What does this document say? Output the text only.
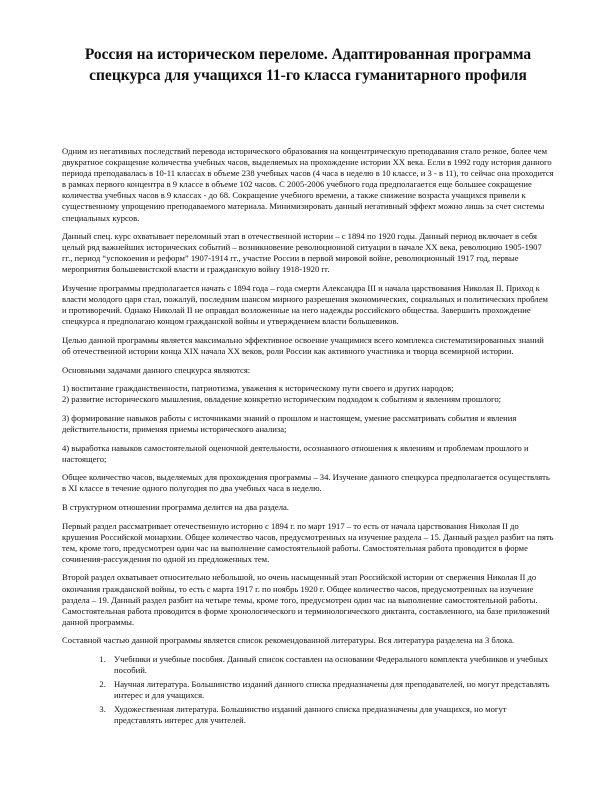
Россия на историческом переломе. Адаптированная программа спецкурса для учащихся 11-го класса гуманитарного профиля

Одним из негативных последствий перевода исторического образования на концентрическую преподавания стало резкое, более чем двукратное сокращение количества учебных часов, выделяемых на прохождение истории XX века. Если в 1992 году история данного периода преподавалась в 10-11 классах в объеме 238 учебных часов (4 часа в неделю в 10 классе, и 3 - в 11), то сейчас она проходится в рамках первого концентра в 9 классе в объеме 102 часов. С 2005-2006 учебного года предполагается еще большее сокращение количества учебных часов в 9 классах - до 68. Сокращение учебного времени, а также снижение возраста учащихся привели к существенному упрощению преподаваемого материала. Минимизировать данный негативный эффект можно лишь за счет системы специальных курсов.

Данный спец. курс охватывает переломный этап в отечественной истории – с 1894 по 1920 годы. Данный период включает в себя целый ряд важнейших исторических событий – возникновение революционной ситуации в начале XX века, революцию 1905-1907 гг., период “успокоения и реформ” 1907-1914 гг., участие России в первой мировой войне, революционный 1917 год, первые мероприятия большевистской власти и гражданскую войну 1918-1920 гг.

Изучение программы предполагается начать с 1894 года – года смерти Александра III и начала царствования Николая II. Приход к власти молодого царя стал, пожалуй, последним шансом мирного разрешения экономических, социальных и политических проблем и противоречий. Однако Николай II не оправдал возложенные на него надежды российского общества. Завершить прохождение спецкурса я предполагаю концом гражданской войны и утверждением власти большевиков.

Целью данной программы является максимально эффективное освоение учащимися всего комплекса систематизированных знаний об отечественной истории конца XIX начала XX веков, роли России как активного участника и творца всемирной истории.

Основными задачами данного спецкурса являются:

1) воспитание гражданственности, патриотизма, уважения к историческому пути своего и других народов;
2) развитие исторического мышления, овладение конкретно историческим подходом к событиям и явлениям прошлого;

3) формирование навыков работы с источниками знаний о прошлом и настоящем, умение рассматривать события и явления действительности, применяя приемы исторического анализа;

4) выработка навыков самостоятельной оценочной деятельности, осознанного отношения к явлениям и проблемам прошлого и настоящего;

Общее количество часов, выделяемых для прохождения программы – 34. Изучение данного спецкурса предполагается осуществлять в XI классе в течение одного полугодия по два учебных часа в неделю.

В структурном отношении программа делится на два раздела.

Первый раздел рассматривает отечественную историю с 1894 г. по март 1917 – то есть от начала царствования Николая II до крушения Российской монархии. Общее количество часов, предусмотренных на изучение раздела – 15. Данный раздел разбит на пять тем, кроме того, предусмотрен один час на выполнение самостоятельной работы. Самостоятельная работа проводится в форме сочинения-рассуждения по одной из предложенных тем.

Второй раздел охватывает относительно небольшой, но очень насыщенный этап Российской истории от свержения Николая II до окончания гражданской войны, то есть с марта 1917 г. по ноябрь 1920 г. Общее количество часов, предусмотренных на изучение раздела – 19. Данный раздел разбит на четыре темы, кроме того, предусмотрен один час на выполнение самостоятельной работы. Самостоятельная работа проводится в форме хронологического и терминологического диктанта, составленного, на базе приложений данной программы.

Составной частью данной программы является список рекомендованной литературы. Вся литература разделена на 3 блока.

1. Учебники и учебные пособия. Данный список составлен на основании Федерального комплекта учебников и учебных пособий.
2. Научная литература. Большинство изданий данного списка предназначены для преподавателей, но могут представлять интерес и для учащихся.
3. Художественная литература. Большинство изданий данного списка предназначены для учащихся, но могут представлять интерес для учителей.
